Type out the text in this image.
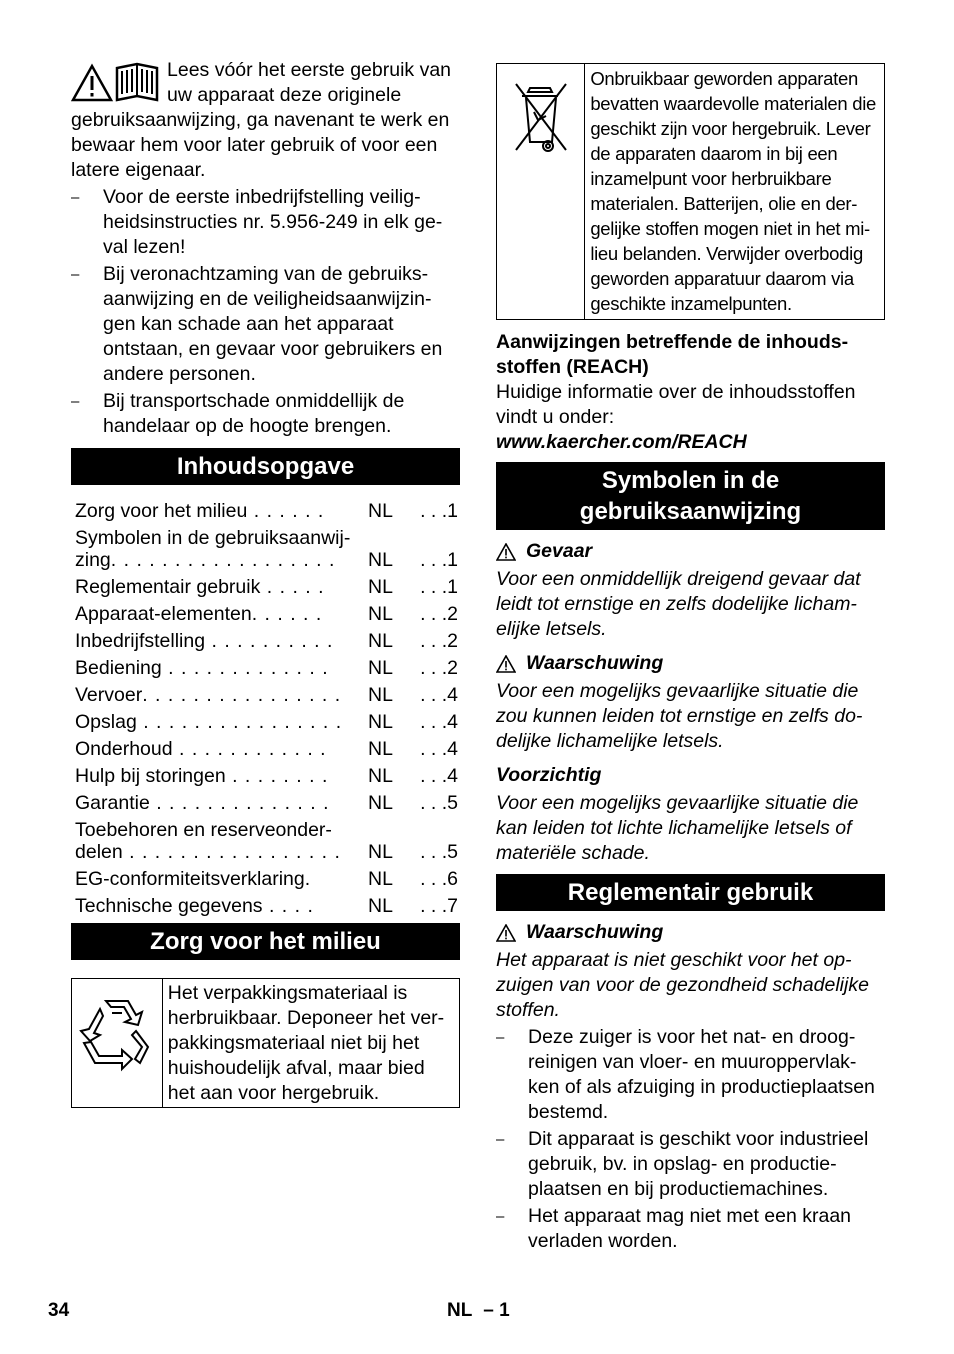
Lees vóór het eerste gebruik van uw apparaat deze originele gebruiksaanwijzing, ga navenant te werk en bewaar hem voor later gebruik of voor een latere eigenaar.

– Voor de eerste inbedrijfstelling veilig-heidsinstructies nr. 5.956-249 in elk ge-val lezen!
– Bij veronachtzaming van de gebruiks-aanwijzing en de veiligheidsaanwijzin-gen kan schade aan het apparaat ontstaan, en gevaar voor gebruikers en andere personen.
– Bij transportschade onmiddellijk de handelaar op de hoogte brengen.
Inhoudsopgave
Zorg voor het milieu . . . . . .	NL	. . .1
Symbolen in de gebruiksaanwij-
zing. . . . . . . . . . . . . . . . . .	NL	. . .1
Reglementair gebruik . . . . .	NL	. . .1
Apparaat-elementen. . . . . .	NL	. . .2
Inbedrijfstelling . . . . . . . . . .	NL	. . .2
Bediening . . . . . . . . . . . . .	NL	. . .2
Vervoer. . . . . . . . . . . . . . . .	NL	. . .4
Opslag . . . . . . . . . . . . . . . .	NL	. . .4
Onderhoud . . . . . . . . . . . .	NL	. . .4
Hulp bij storingen . . . . . . . .	NL	. . .4
Garantie . . . . . . . . . . . . . .	NL	. . .5
Toebehoren en reserveonder-
delen . . . . . . . . . . . . . . . . .	NL	. . .5
EG-conformiteitsverklaring.	NL	. . .6
Technische gegevens . . . .	NL	. . .7
Zorg voor het milieu
Het verpakkingsmateriaal is herbruikbaar. Deponeer het ver-pakkingsmateriaal niet bij het huishoudelijk afval, maar bied het aan voor hergebruik.
Onbruikbaar geworden apparaten bevatten waardevolle materialen die geschikt zijn voor hergebruik. Lever de apparaten daarom in bij een inzamelpunt voor herbruikbare materialen. Batterijen, olie en der-gelijke stoffen mogen niet in het mi-lieu belanden. Verwijder overbodig geworden apparatuur daarom via geschikte inzamelpunten.

Aanwijzingen betreffende de inhouds-stoffen (REACH)

Huidige informatie over de inhoudsstoffen vindt u onder:

www.kaercher.com/REACH

Symbolen in de gebruiksaanwijzing
Gevaar

Voor een onmiddellijk dreigend gevaar dat leidt tot ernstige en zelfs dodelijke licham-elijke letsels.

Waarschuwing

Voor een mogelijks gevaarlijke situatie die zou kunnen leiden tot ernstige en zelfs do-delijke lichamelijke letsels.

Voorzichtig

Voor een mogelijks gevaarlijke situatie die kan leiden tot lichte lichamelijke letsels of materiële schade.

Reglementair gebruik
Waarschuwing

Het apparaat is niet geschikt voor het op-zuigen van voor de gezondheid schadelijke stoffen.

– Deze zuiger is voor het nat- en droog-reinigen van vloer- en muuroppervlak-ken of als afzuiging in productieplaatsen bestemd.
– Dit apparaat is geschikt voor industrieel gebruik, bv. in opslag- en productie-plaatsen en bij productiemachines.
– Het apparaat mag niet met een kraan verladen worden.
34	NL – 1
